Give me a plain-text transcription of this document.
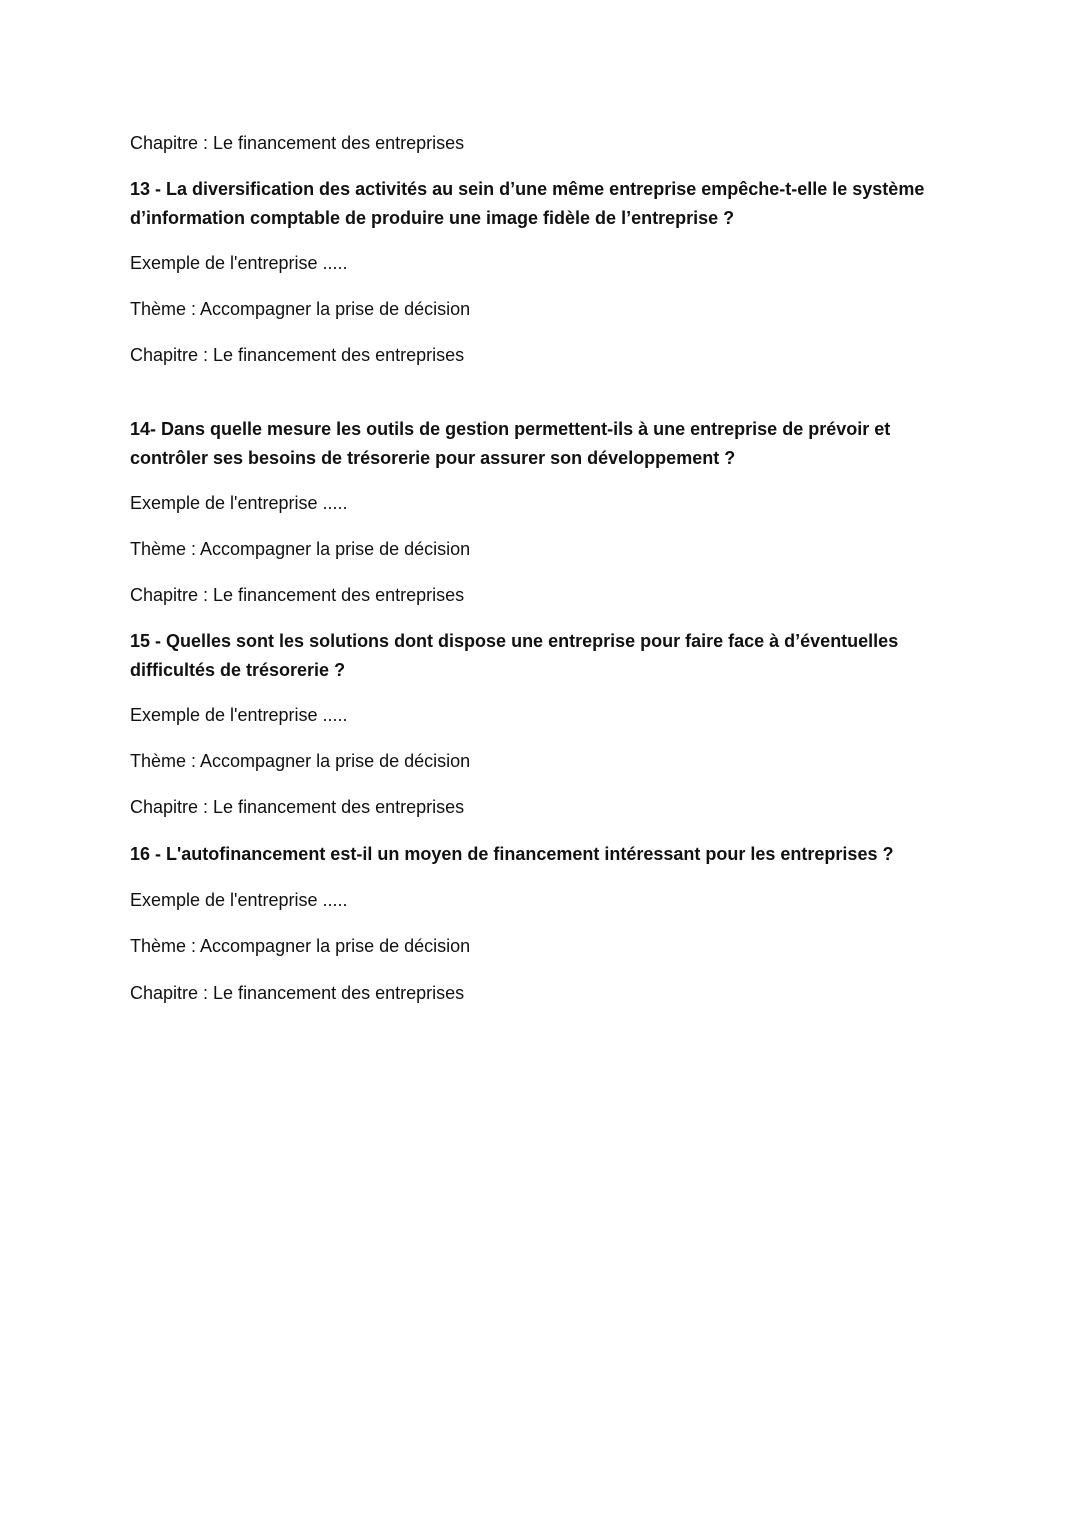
Chapitre : Le financement des entreprises
13 - La diversification des activités au sein d’une même entreprise empêche-t-elle le système d’information comptable de produire une image fidèle de l’entreprise ?
Exemple de l'entreprise .....
Thème : Accompagner la prise de décision
Chapitre : Le financement des entreprises
14- Dans quelle mesure les outils de gestion permettent-ils à une entreprise de prévoir et contrôler ses besoins de trésorerie pour assurer son développement ?
Exemple de l'entreprise .....
Thème : Accompagner la prise de décision
Chapitre : Le financement des entreprises
15 - Quelles sont les solutions dont dispose une entreprise pour faire face à d’éventuelles difficultés de trésorerie ?
Exemple de l'entreprise .....
Thème : Accompagner la prise de décision
Chapitre : Le financement des entreprises
16 - L'autofinancement est-il un moyen de financement intéressant pour les entreprises ?
Exemple de l'entreprise .....
Thème : Accompagner la prise de décision
Chapitre : Le financement des entreprises
